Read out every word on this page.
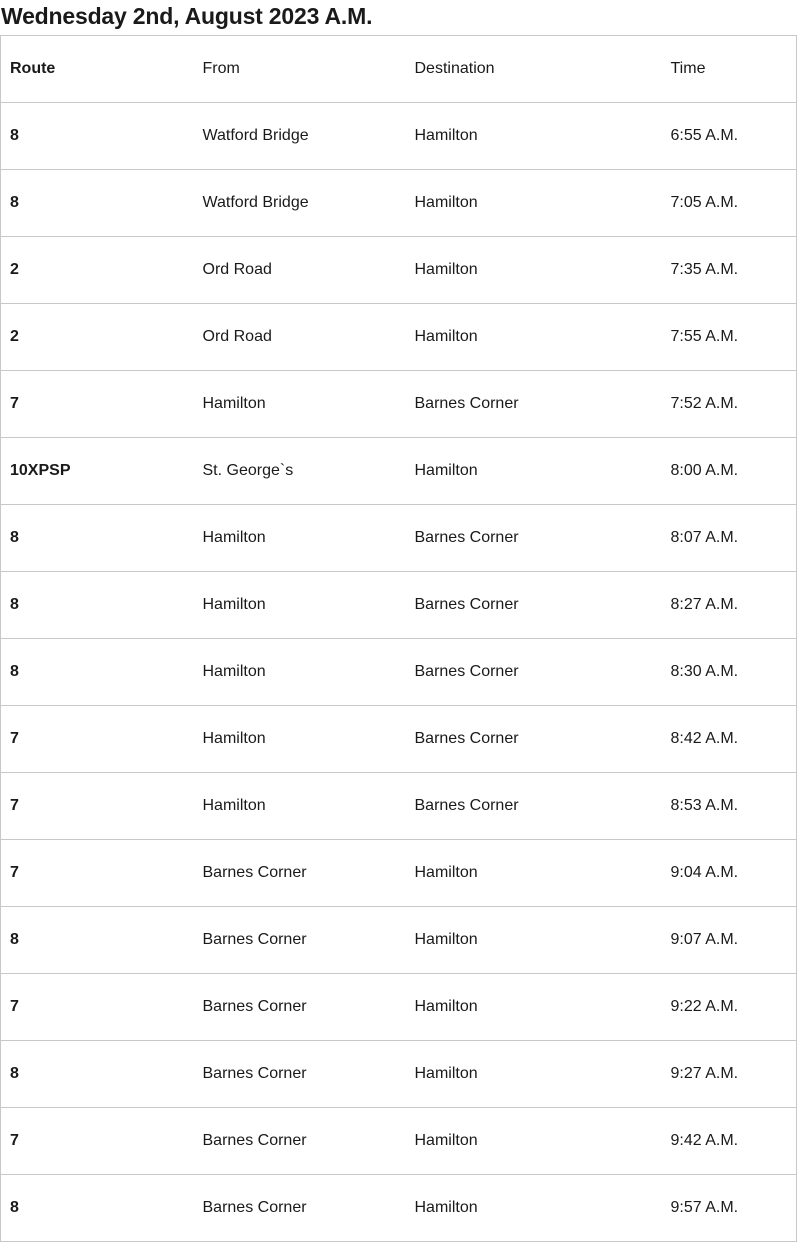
Wednesday 2nd, August 2023 A.M.
Route	From	Destination	Time
8	Watford Bridge	Hamilton	6:55 A.M.
8	Watford Bridge	Hamilton	7:05 A.M.
2	Ord Road	Hamilton	7:35 A.M.
2	Ord Road	Hamilton	7:55 A.M.
7	Hamilton	Barnes Corner	7:52 A.M.
10XPSP	St. George`s	Hamilton	8:00 A.M.
8	Hamilton	Barnes Corner	8:07 A.M.
8	Hamilton	Barnes Corner	8:27 A.M.
8	Hamilton	Barnes Corner	8:30 A.M.
7	Hamilton	Barnes Corner	8:42 A.M.
7	Hamilton	Barnes Corner	8:53 A.M.
7	Barnes Corner	Hamilton	9:04 A.M.
8	Barnes Corner	Hamilton	9:07 A.M.
7	Barnes Corner	Hamilton	9:22 A.M.
8	Barnes Corner	Hamilton	9:27 A.M.
7	Barnes Corner	Hamilton	9:42 A.M.
8	Barnes Corner	Hamilton	9:57 A.M.
